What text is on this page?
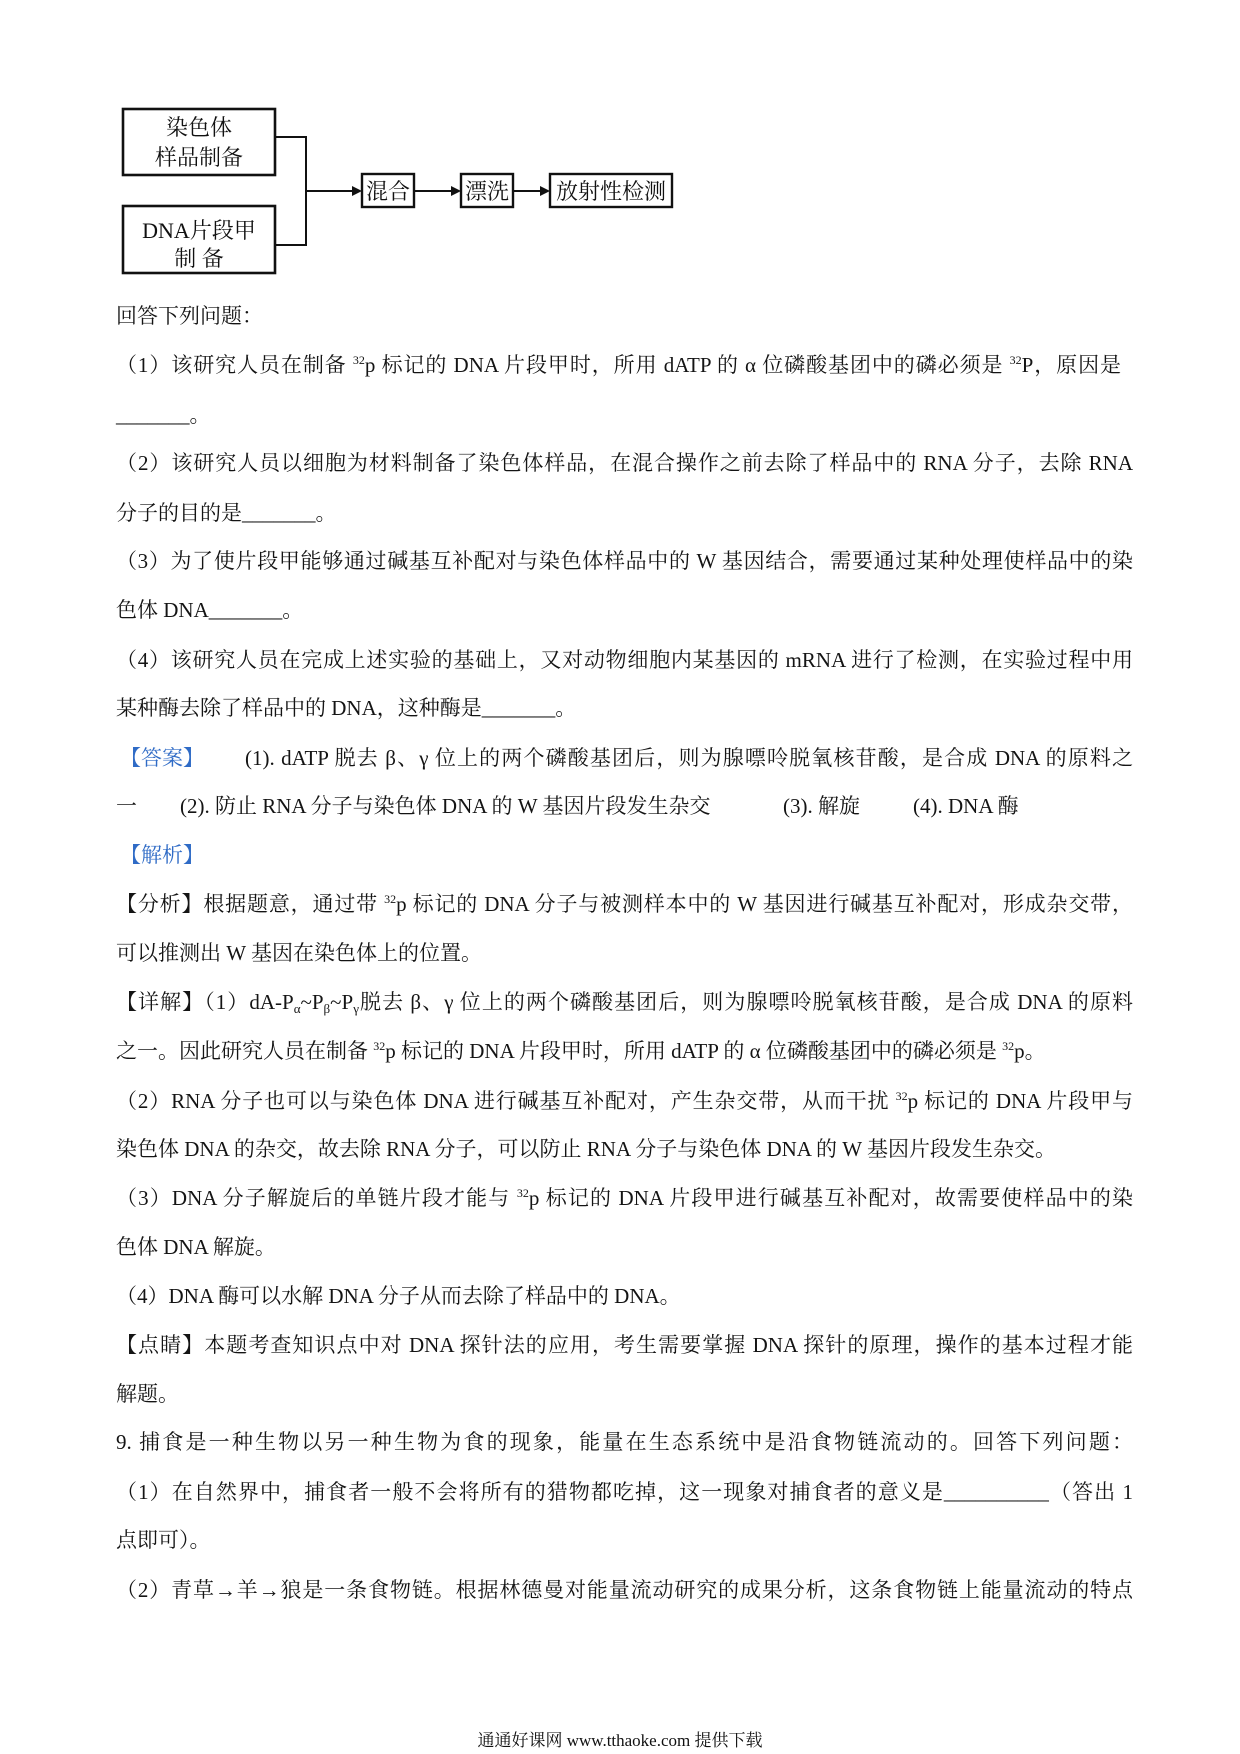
染色体
样品制备
DNA片段甲
制 备
混合 漂洗 放射性检测
回答下列问题：
（1）该研究人员在制备 $^{32}$p 标记的 DNA 片段甲时，所用 dATP 的 α 位磷酸基团中的磷必须是 $^{32}$P，原因是
_______。
（2）该研究人员以细胞为材料制备了染色体样品，在混合操作之前去除了样品中的 RNA 分子，去除 RNA
分子的目的是_______。
（3）为了使片段甲能够通过碱基互补配对与染色体样品中的 W 基因结合，需要通过某种处理使样品中的染
色体 DNA_______。
（4）该研究人员在完成上述实验的基础上，又对动物细胞内某基因的 mRNA 进行了检测，在实验过程中用
某种酶去除了样品中的 DNA，这种酶是_______。
【答案】	(1). dATP 脱去 β、γ 位上的两个磷酸基团后，则为腺嘌呤脱氧核苷酸，是合成 DNA 的原料之
一 (2). 防止 RNA 分子与染色体 DNA 的 W 基因片段发生杂交	(3). 解旋	(4). DNA 酶
【解析】
【分析】根据题意，通过带 $^{32}$p 标记的 DNA 分子与被测样本中的 W 基因进行碱基互补配对，形成杂交带，
可以推测出 W 基因在染色体上的位置。
【详解】$(1)dA-P_\alpha\sim P_\beta\sim P_\gamma$脱去 β、γ 位上的两个磷酸基团后，则为腺嘌呤脱氧核苷酸，是合成 DNA 的原料
之一。因此研究人员在制备 $^{32}$p 标记的 DNA 片段甲时，所用 dATP 的 α 位磷酸基团中的磷必须是 $^{32}$p。
（2）RNA 分子也可以与染色体 DNA 进行碱基互补配对，产生杂交带，从而干扰 $^{32}$p 标记的 DNA 片段甲与
染色体 DNA 的杂交，故去除 RNA 分子，可以防止 RNA 分子与染色体 DNA 的 W 基因片段发生杂交。
（3）DNA 分子解旋后的单链片段才能与 $^{32}$p 标记的 DNA 片段甲进行碱基互补配对，故需要使样品中的染
色体 DNA 解旋。
（4）DNA 酶可以水解 DNA 分子从而去除了样品中的 DNA。
【点睛】本题考查知识点中对 DNA 探针法的应用，考生需要掌握 DNA 探针的原理，操作的基本过程才能
解题。
9. 捕食是一种生物以另一种生物为食的现象，能量在生态系统中是沿食物链流动的。回答下列问题：
（1）在自然界中，捕食者一般不会将所有的猎物都吃掉，这一现象对捕食者的意义是__________（答出 1
点即可）。
（2）青草→羊→狼是一条食物链。根据林德曼对能量流动研究的成果分析，这条食物链上能量流动的特点
通通好课网 www.tthaoke.com 提供下载
